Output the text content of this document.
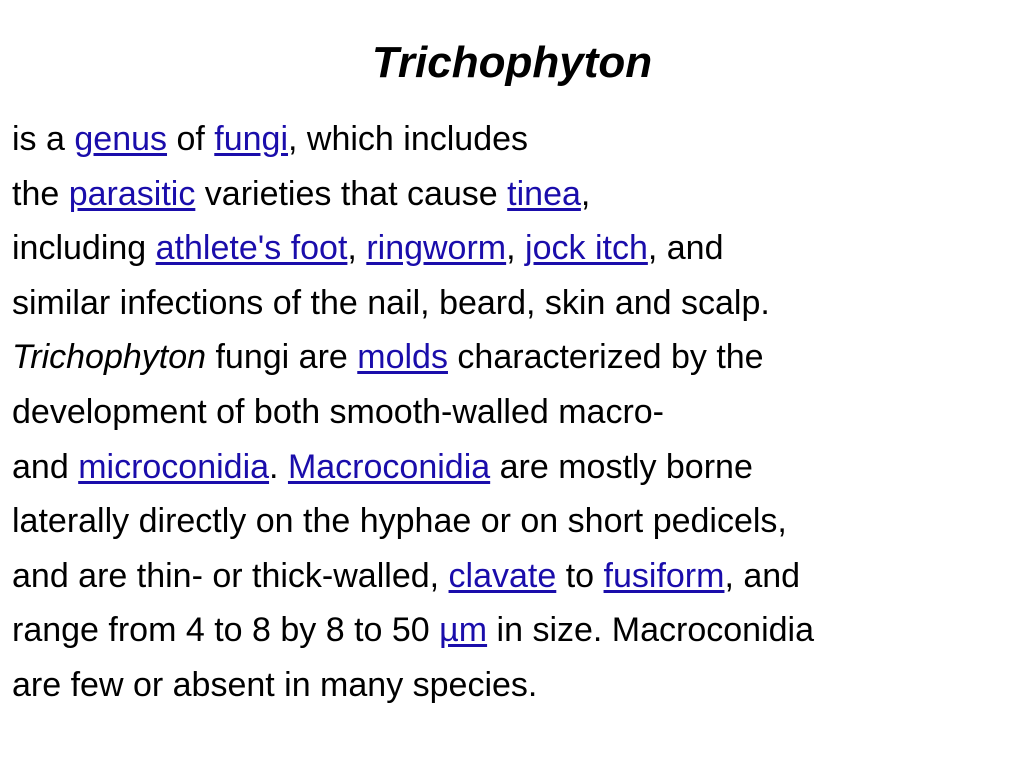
Trichophyton
is a genus of fungi, which includes
the parasitic varieties that cause tinea,
including athlete's foot, ringworm, jock itch, and
similar infections of the nail, beard, skin and scalp.
Trichophyton fungi are molds characterized by the
development of both smooth-walled macro-
and microconidia. Macroconidia are mostly borne
laterally directly on the hyphae or on short pedicels,
and are thin- or thick-walled, clavate to fusiform, and
range from 4 to 8 by 8 to 50 µm in size. Macroconidia
are few or absent in many species.
